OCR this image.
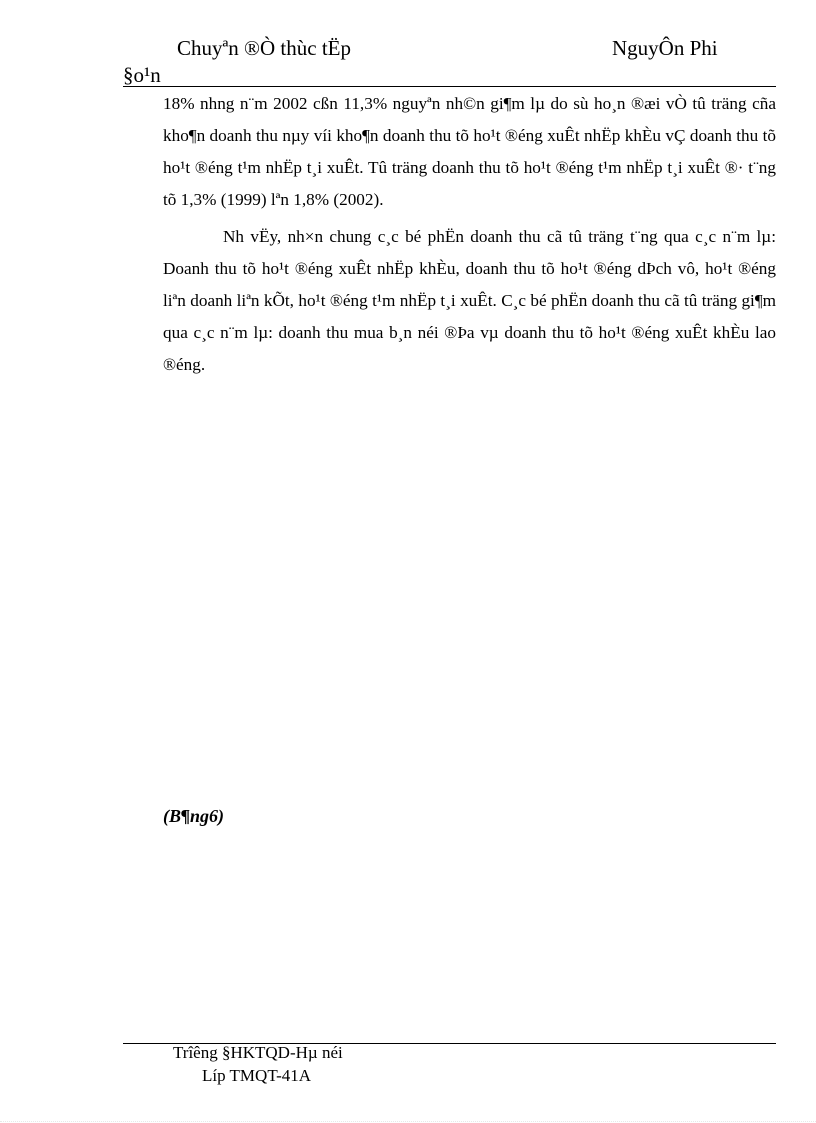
Chuyªn ®Ò thùc tËp	NguyÔn Phi
§o¹n

18% nhng n¨m 2002 cßn 11,3% nguyªn nh©n gi¶m lµ do sù ho¸n ®æi vÒ tû träng cña kho¶n doanh thu nµy víi kho¶n doanh thu tõ ho¹t ®éng xuÊt nhËp khÈu vÇ doanh thu tõ ho¹t ®éng t¹m nhËp t¸i xuÊt. Tû träng doanh thu tõ ho¹t ®éng t¹m nhËp t¸i xuÊt ®· t¨ng tõ 1,3% (1999) lªn 1,8% (2002).

Nh vËy, nh×n chung c¸c bé phËn doanh thu cã tû träng t¨ng qua c¸c n¨m lµ: Doanh thu tõ ho¹t ®éng xuÊt nhËp khÈu, doanh thu tõ ho¹t ®éng dÞch vô, ho¹t ®éng liªn doanh liªn kÕt, ho¹t ®éng t¹m nhËp t¸i xuÊt. C¸c bé phËn doanh thu cã tû träng gi¶m qua c¸c n¨m lµ: doanh thu mua b¸n néi ®Þa vµ doanh thu tõ ho¹t ®éng xuÊt khÈu lao ®éng.

(B¶ng6)
Trîêng §HKTQD-Hµ néi
Líp TMQT-41A
